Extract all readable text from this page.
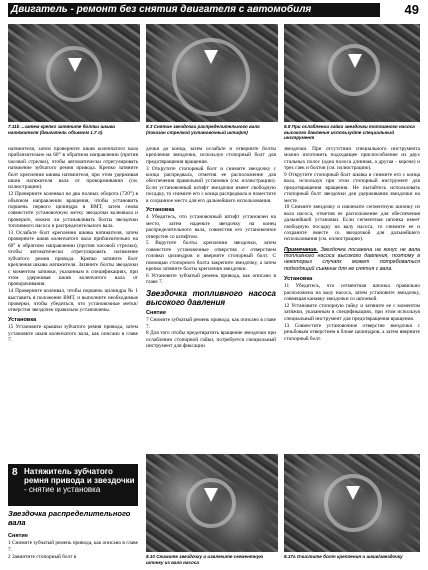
Двигатель - ремонт без снятия двигателя с автомобиля	49
7.11b ...затем крепко затяните болты шкива натяжителя (двигатель объемом 1.7 л)
8.3 Снятие звездочки распределительного вала (показан стрелкой установочный штифт)
8.8 При ослаблении гайки звездочки топливного насоса высокого давления используйте специальный инструмент

натяжителя, затем проверните шкив коленчатого вала приблизительно на 60° в обратном направлении (против часовой стрелки), чтобы автоматически отрегулировать натяжение зубчатого ремня привода. Крепко затяните болт крепления шкива натяжителя, при этом удерживая шкив натяжителя вала от проворачивания (см. иллюстрацию).

12 Проверните коленвал на два полных оборота (720°) в обычном направлении вращения, чтобы установить поршень первого цилиндра в ВМТ, затем снова совместите установочную метку звездочки коленвала и проверьте, можно ли устанавливать болты звездочки топливного насоса и распределительного вала.

13 Ослабьте болт крепления шкива натяжителя, затем проверните шкив коленчатого вала приблизительно на 60° в обратном направлении (против часовой стрелки), чтобы автоматически отрегулировать натяжение зубчатого ремня привода. Крепко затяните болт крепления шкива натяжителя. Затяните болты звездочки с моментом затяжки, указанным в спецификациях, при этом удерживая шкив коленчатого вала от проворачивания.

14 Проверните коленвал, чтобы поршень цилиндра № 1 выставить в положение ВМТ, и выполните необходимые проверки, чтобы убедиться, что установочные метки/отверстия звездочек правильно установлены.

Установка

15 Установите крышки зубчатого ремня привода, затем установите шкив коленчатого вала, как описано в главе 7.

8 Натяжитель зубчатого ремня привода и звездочки - снятие и установка
Звездочка распределительного вала
Снятие

1 Снимите зубчатый ремень привода, как описано в главе 7.

2 Завинтите стопорный болт в

дочки до конца, затем ослабьте и отверните болты крепления звездочки, используя стопорный болт для предотвращения вращения.

3 Открутите стопорный болт и снимите звездочку с конца распредвала, отметив ее расположение для обеспечения правильной установки (см. иллюстрацию). Если установочный штифт звездочки имеет свободную посадку, то снимите его с конца распредвала и поместите в сохранное место для его дальнейшего использования.

Установка

4 Убедитесь, что установочный штифт установлен на место, затем наденьте звездочку на конец распределительного вала, совместив его установочное отверстие со штифтом.

5 Вкрутите болты крепления звездочки, затем совместите установочные отверстия с отверстием головки цилиндров и вверните стопорный болт. С помощью стопорного болта закрепите звездочку, а затем крепко затяните болты крепления звездочки.

6 Установите зубчатый ремень привода, как описано в главе 7.

Звездочка топливного насоса высокого давления
Снятие

7 Снимите зубчатый ремень привода, как описано в главе 7.

8 Для того чтобы предотвратить вращение звездочки при ослаблении стопорной гайки, потребуется специальный инструмент для фиксации

8.10 Снимите звездочку и извлеките сегментную шпонку из вала насоса

звездочки. При отсутствии специального инструмента можно изготовить подходящее приспособление из двух стальных полос (одна полоса длинная, а другая - короче) и трех гаек и болтов (см. иллюстрацию).

9 Открутите стопорный болт шкива и снимите его с конца вала, используя при этом стопорный инструмент для предотвращения вращения. Не пытайтесь использовать стопорный болт звездочки для удерживания звездочки на месте.

10 Снимите звездочку и извлеките сегментную шпонку из вала насоса, отметив ее расположение для обеспечения дальнейшей установки. Если сегментная шпонка имеет свободную посадку на валу насоса, то снимите ее и сохраните вместе со звездочкой для дальнейшего использования (см. иллюстрацию).

Примечание. Звездочка посажена на конус не вала топливного насоса высокого давления, поэтому в некоторых случаях может потребоваться подходящий съемник для ее снятия с вала.
Установка

11 Убедитесь, что сегментная шпонка правильно расположена на валу насоса, затем установите звездочку, совмещая канавку звездочки со шпонкой.

12 Установите стопорную гайку и затяните ее с моментом затяжки, указанным в спецификациях, при этом используя специальный инструмент для предотвращения вращения.

13 Совместите установочное отверстие звездочки с резьбовым отверстием в блоке цилиндров, а затем вверните стопорный болт.

8.17a Очистите болт крепления и шкив/звездочку
